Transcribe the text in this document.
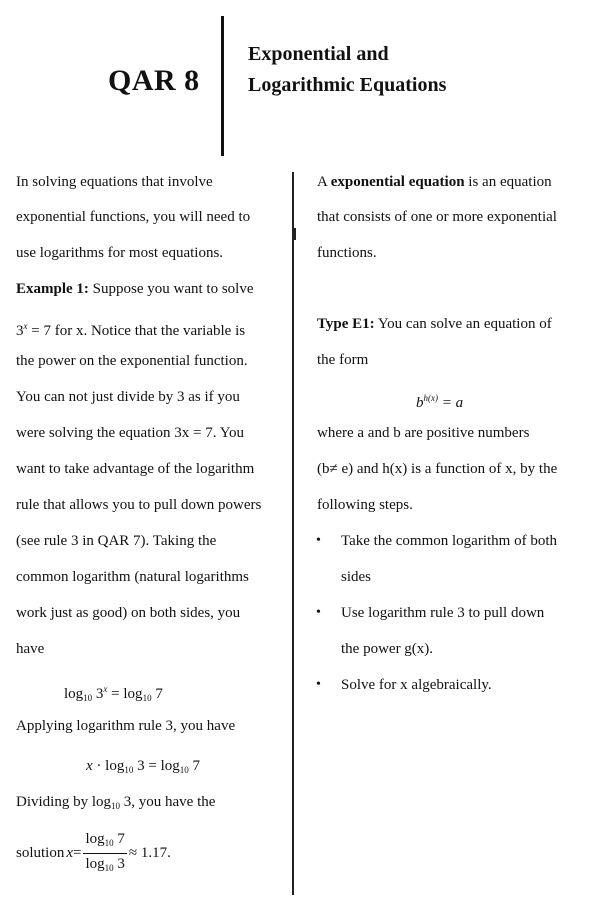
QAR 8
Exponential and
Logarithmic Equations
In solving equations that involve
exponential functions, you will need to
use logarithms for most equations.
Example 1: Suppose you want to solve
$3^x = 7$ for x. Notice that the variable is
the power on the exponential function.
You can not just divide by 3 as if you
were solving the equation 3x = 7. You
want to take advantage of the logarithm
rule that allows you to pull down powers
(see rule 3 in QAR 7). Taking the
common logarithm (natural logarithms
work just as good) on both sides, you
have
$\log_{10} 3^x = \log_{10} 7$
Applying logarithm rule 3, you have
$x \cdot \log_{10} 3 = \log_{10} 7$
Dividing by $\log_{10} 3$, you have the
solution $x = \frac{\log_{10} 7}{\log_{10} 3} \approx 1.17$ .
A exponential equation is an equation
that consists of one or more exponential
functions.
Type E1: You can solve an equation of
the form
$b^{h(x)} = a$
where a and b are positive numbers
(b≠ e) and h(x) is a function of x, by the
following steps.
• Take the common logarithm of both
sides
• Use logarithm rule 3 to pull down
the power g(x).
• Solve for x algebraically.
